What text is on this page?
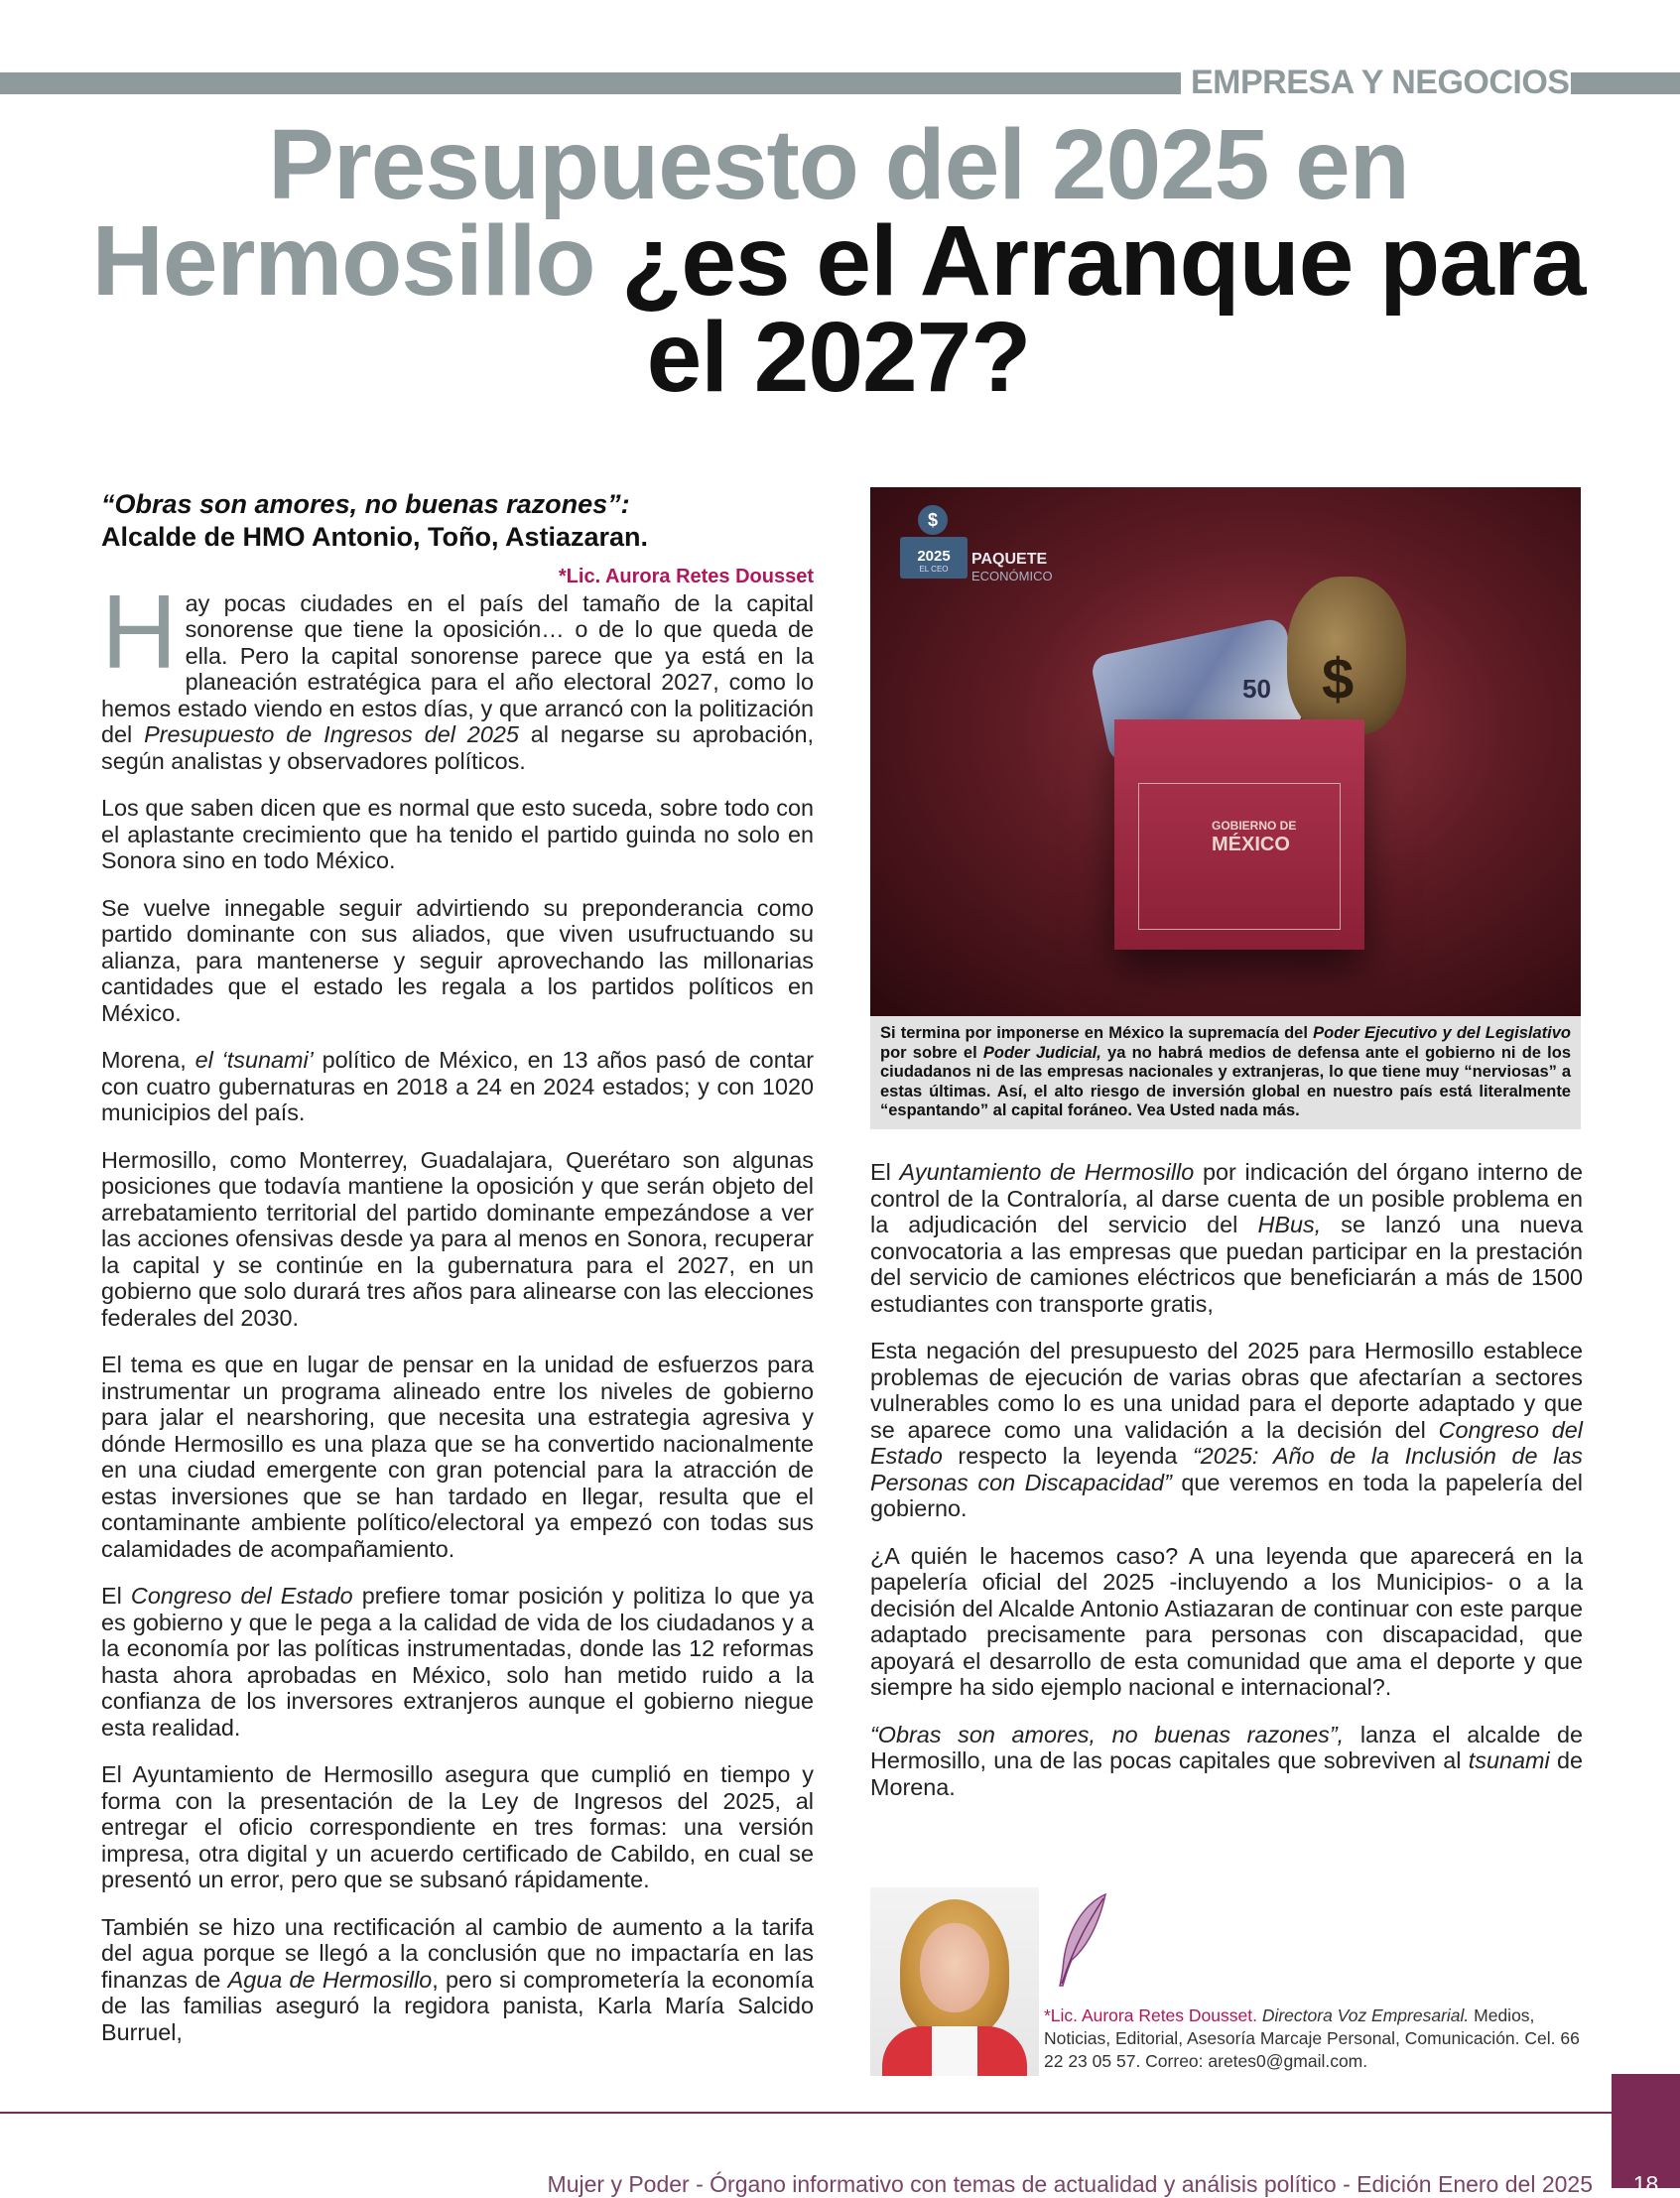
EMPRESA Y NEGOCIOS
Presupuesto del 2025 en Hermosillo ¿es el Arranque para el 2027?
“Obras son amores, no buenas razones”:
Alcalde de HMO Antonio, Toño, Astiazaran.
*Lic. Aurora Retes Dousset

Hay pocas ciudades en el país del tamaño de la capital sonorense que tiene la oposición… o de lo que queda de ella. Pero la capital sonorense parece que ya está en la planeación estratégica para el año electoral 2027, como lo hemos estado viendo en estos días, y que arrancó con la politización del Presupuesto de Ingresos del 2025 al negarse su aprobación, según analistas y observadores políticos.

Los que saben dicen que es normal que esto suceda, sobre todo con el aplastante crecimiento que ha tenido el partido guinda no solo en Sonora sino en todo México.

Se vuelve innegable seguir advirtiendo su preponderancia como partido dominante con sus aliados, que viven usufructuando su alianza, para mantenerse y seguir aprovechando las millonarias cantidades que el estado les regala a los partidos políticos en México.

Morena, el ‘tsunami’ político de México, en 13 años pasó de contar con cuatro gubernaturas en 2018 a 24 en 2024 estados; y con 1020 municipios del país.

Hermosillo, como Monterrey, Guadalajara, Querétaro son algunas posiciones que todavía mantiene la oposición y que serán objeto del arrebatamiento territorial del partido dominante empezándose a ver las acciones ofensivas desde ya para al menos en Sonora, recuperar la capital y se continúe en la gubernatura para el 2027, en un gobierno que solo durará tres años para alinearse con las elecciones federales del 2030.

El tema es que en lugar de pensar en la unidad de esfuerzos para instrumentar un programa alineado entre los niveles de gobierno para jalar el nearshoring, que necesita una estrategia agresiva y dónde Hermosillo es una plaza que se ha convertido nacionalmente en una ciudad emergente con gran potencial para la atracción de estas inversiones que se han tardado en llegar, resulta que el contaminante ambiente político/electoral ya empezó con todas sus calamidades de acompañamiento.

El Congreso del Estado prefiere tomar posición y politiza lo que ya es gobierno y que le pega a la calidad de vida de los ciudadanos y a la economía por las políticas instrumentadas, donde las 12 reformas hasta ahora aprobadas en México, solo han metido ruido a la confianza de los inversores extranjeros aunque el gobierno niegue esta realidad.

El Ayuntamiento de Hermosillo asegura que cumplió en tiempo y forma con la presentación de la Ley de Ingresos del 2025, al entregar el oficio correspondiente en tres formas: una versión impresa, otra digital y un acuerdo certificado de Cabildo, en cual se presentó un error, pero que se subsanó rápidamente.

También se hizo una rectificación al cambio de aumento a la tarifa del agua porque se llegó a la conclusión que no impactaría en las finanzas de Agua de Hermosillo, pero si comprometería la economía de las familias aseguró la regidora panista, Karla María Salcido Burruel,

$
2025
EL CEO
PAQUETE
ECONÓMICO
50 $
GOBIERNO DE
MÉXICO
Si termina por imponerse en México la supremacía del Poder Ejecutivo y del Legislativo por sobre el Poder Judicial, ya no habrá medios de defensa ante el gobierno ni de los ciudadanos ni de las empresas nacionales y extranjeras, lo que tiene muy “nerviosas” a estas últimas. Así, el alto riesgo de inversión global en nuestro país está literalmente “espantando” al capital foráneo. Vea Usted nada más.

El Ayuntamiento de Hermosillo por indicación del órgano interno de control de la Contraloría, al darse cuenta de un posible problema en la adjudicación del servicio del HBus, se lanzó una nueva convocatoria a las empresas que puedan participar en la prestación del servicio de camiones eléctricos que beneficiarán a más de 1500 estudiantes con transporte gratis,

Esta negación del presupuesto del 2025 para Hermosillo establece problemas de ejecución de varias obras que afectarían a sectores vulnerables como lo es una unidad para el deporte adaptado y que se aparece como una validación a la decisión del Congreso del Estado respecto la leyenda “2025: Año de la Inclusión de las Personas con Discapacidad” que veremos en toda la papelería del gobierno.

¿A quién le hacemos caso? A una leyenda que aparecerá en la papelería oficial del 2025 -incluyendo a los Municipios- o a la decisión del Alcalde Antonio Astiazaran de continuar con este parque adaptado precisamente para personas con discapacidad, que apoyará el desarrollo de esta comunidad que ama el deporte y que siempre ha sido ejemplo nacional e internacional?.

“Obras son amores, no buenas razones”, lanza el alcalde de Hermosillo, una de las pocas capitales que sobreviven al tsunami de Morena.

*Lic. Aurora Retes Dousset. Directora Voz Empresarial. Medios, Noticias, Editorial, Asesoría Marcaje Personal, Comunicación. Cel. 66 22 23 05 57. Correo: aretes0@gmail.com.
Mujer y Poder - Órgano informativo con temas de actualidad y análisis político - Edición Enero del 2025	18
